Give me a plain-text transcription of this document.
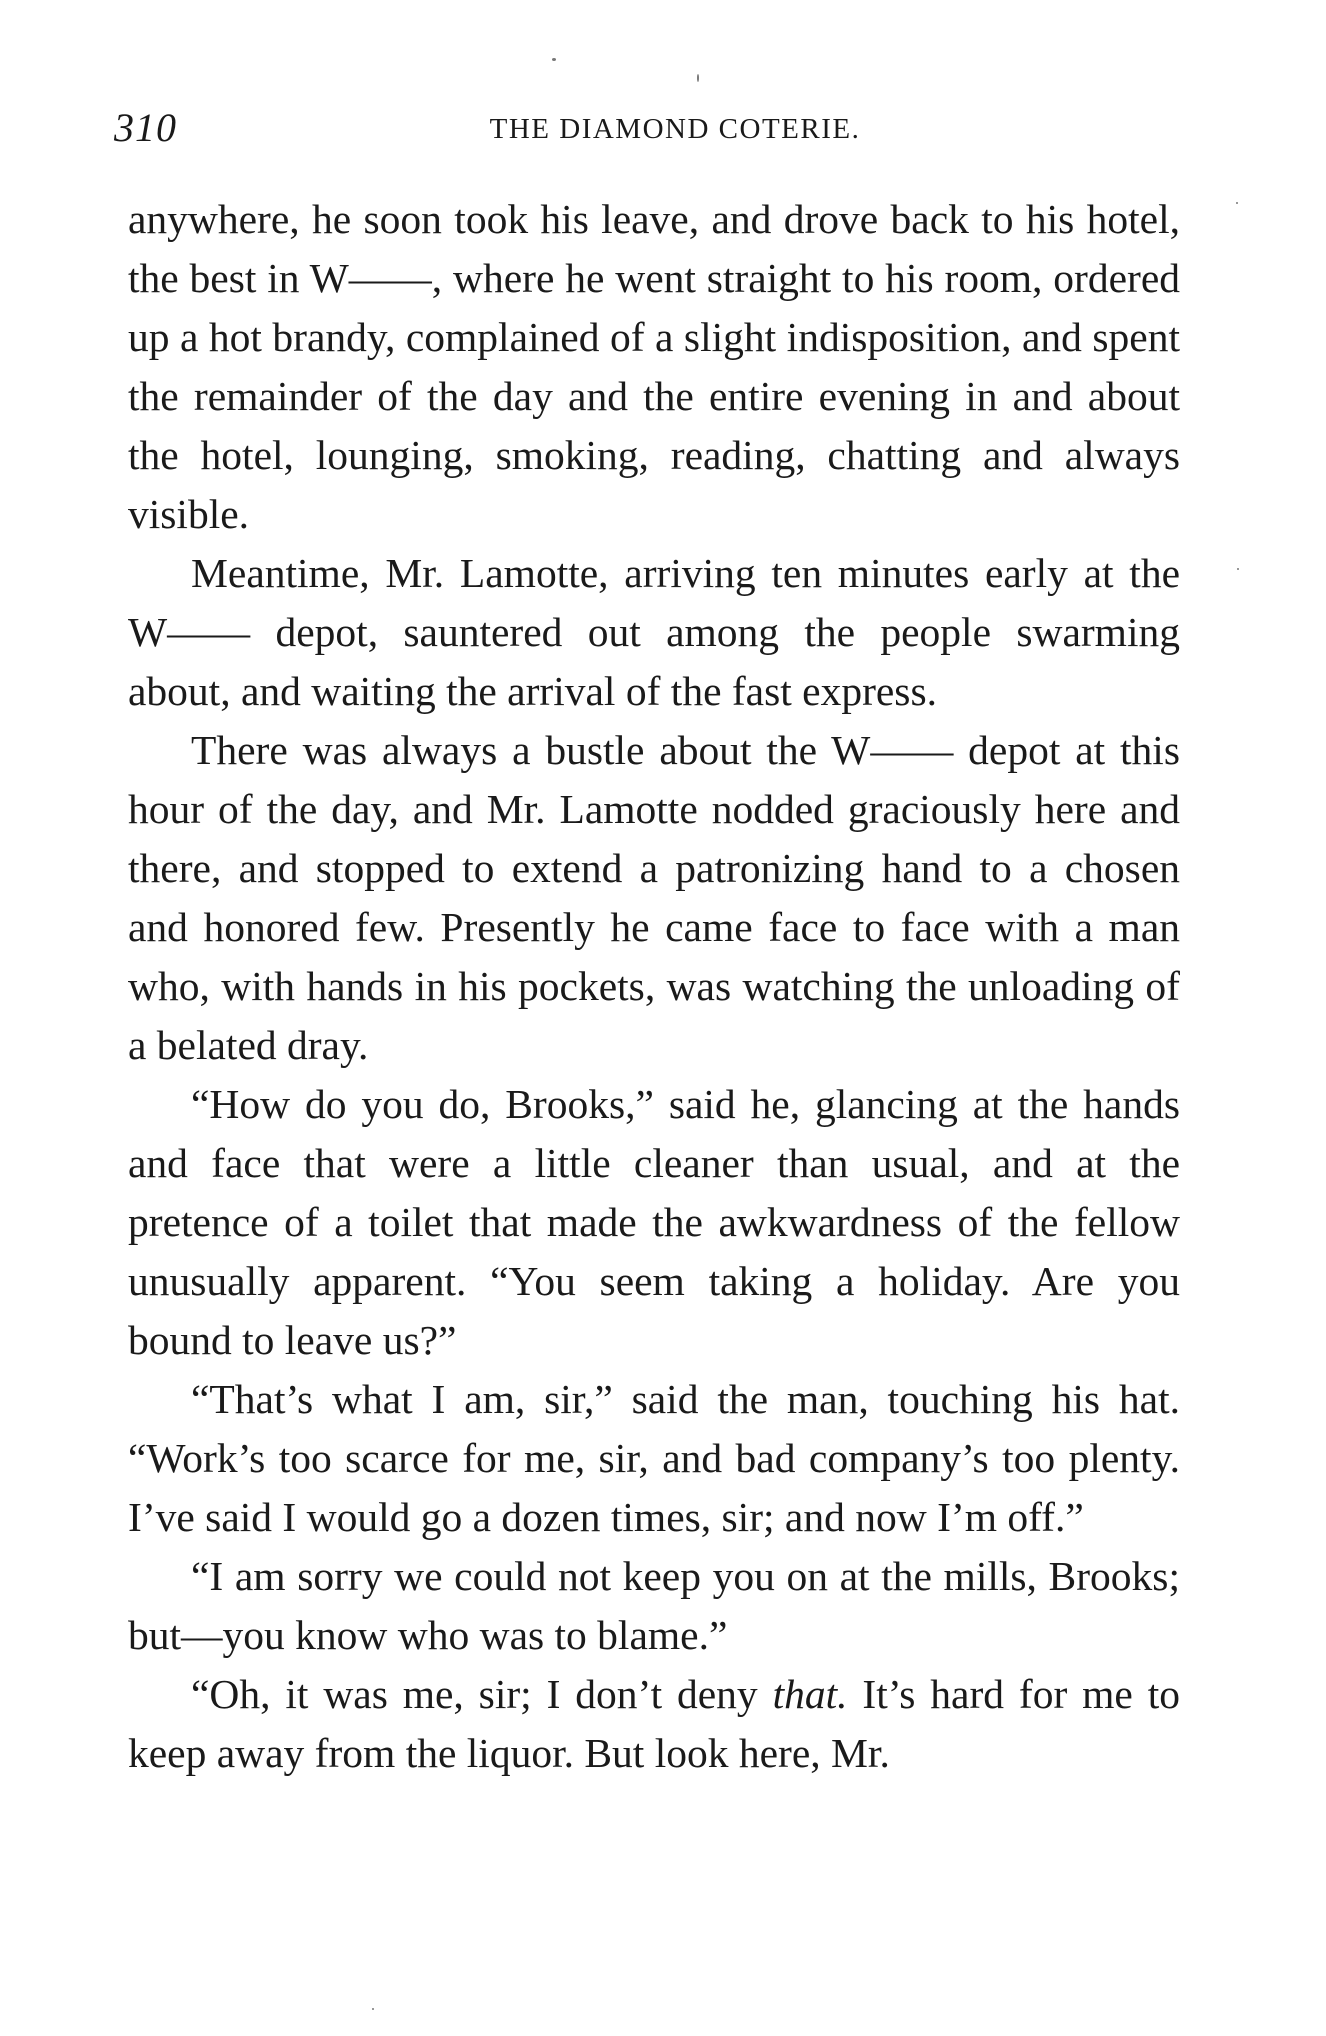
310	THE DIAMOND COTERIE.

anywhere, he soon took his leave, and drove back to his hotel, the best in W——, where he went straight to his room, ordered up a hot brandy, complained of a slight indisposition, and spent the remainder of the day and the entire evening in and about the hotel, lounging, smoking, reading, chatting and always visible.

Meantime, Mr. Lamotte, arriving ten minutes early at the W—— depot, sauntered out among the people swarming about, and waiting the arrival of the fast express.

There was always a bustle about the W—— depot at this hour of the day, and Mr. Lamotte nodded graciously here and there, and stopped to extend a patronizing hand to a chosen and honored few. Presently he came face to face with a man who, with hands in his pockets, was watching the unloading of a belated dray.

“How do you do, Brooks,” said he, glancing at the hands and face that were a little cleaner than usual, and at the pretence of a toilet that made the awkwardness of the fellow unusually apparent. “You seem taking a holiday. Are you bound to leave us?”

“That’s what I am, sir,” said the man, touching his hat. “Work’s too scarce for me, sir, and bad company’s too plenty. I’ve said I would go a dozen times, sir; and now I’m off.”

“I am sorry we could not keep you on at the mills, Brooks; but—you know who was to blame.”

“Oh, it was me, sir; I don’t deny that. It’s hard for me to keep away from the liquor. But look here, Mr.
